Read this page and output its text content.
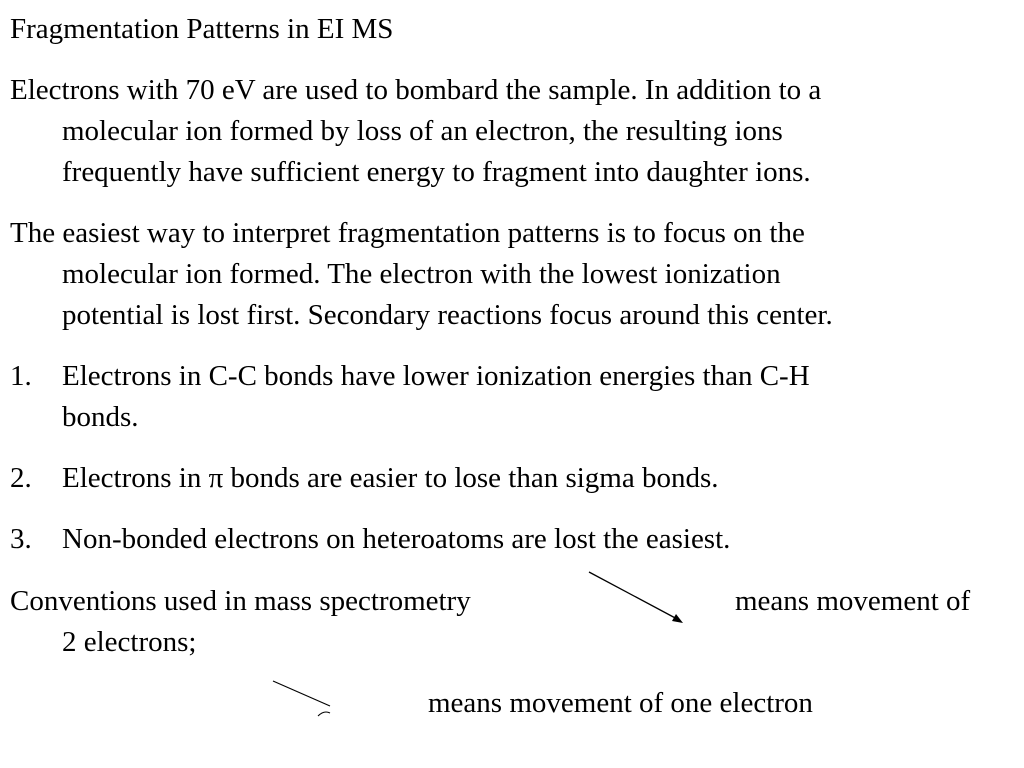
Fragmentation Patterns in EI MS
Electrons with 70 eV are used to bombard the sample. In addition to a
molecular ion formed by loss of an electron, the resulting ions
frequently have sufficient energy to fragment into daughter ions.
The easiest way to interpret fragmentation patterns is to focus on the
molecular ion formed. The electron with the lowest ionization
potential is lost first. Secondary reactions focus around this center.
1. Electrons in C-C bonds have lower ionization energies than C-H
bonds.
2. Electrons in π bonds are easier to lose than sigma bonds.
3. Non-bonded electrons on heteroatoms are lost the easiest.
Conventions used in mass spectrometry	means movement of
2 electrons;
means movement of one electron
